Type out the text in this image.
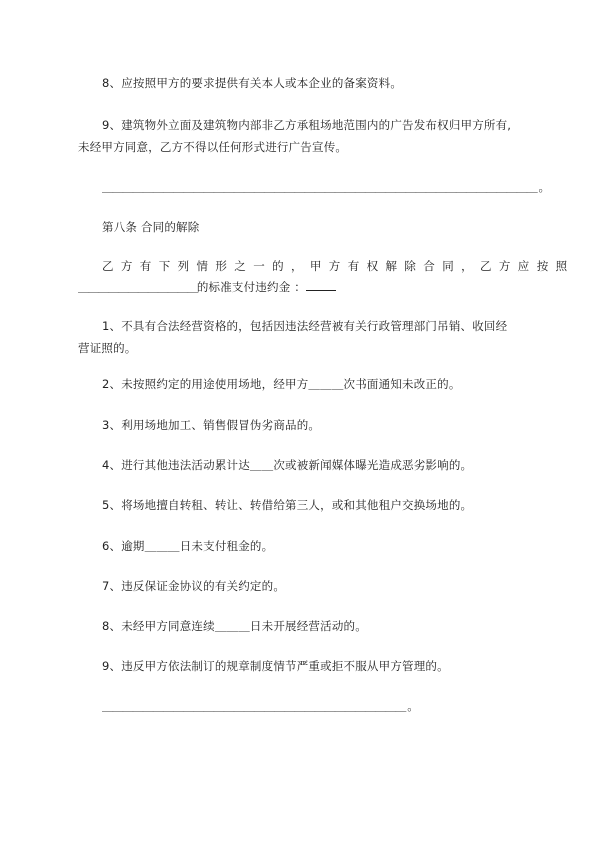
8、应按照甲方的要求提供有关本人或本企业的备案资料。
9、建筑物外立面及建筑物内部非乙方承租场地范围内的广告发布权归甲方所有,
未经甲方同意，乙方不得以任何形式进行广告宣传。
＿＿＿＿＿＿＿＿＿＿＿＿＿＿＿＿＿＿＿＿＿＿＿＿＿＿＿＿＿＿＿＿＿＿＿＿＿＿＿＿＿＿＿ 。
第八条 合同的解除
乙方有下列情形之一的，甲方有权解除合同，乙方应按照
＿＿＿＿＿＿＿＿＿＿＿＿的标准支付违约金 ：
1、不具有合法经营资格的，包括因违法经营被有关行政管理部门吊销、收回经
营证照的。
2、未按照约定的用途使用场地，经甲方＿＿＿次书面通知未改正的。
3、利用场地加工、销售假冒伪劣商品的。
4、进行其他违法活动累计达＿＿次或被新闻媒体曝光造成恶劣影响的。
5、将场地擅自转租、转让、转借给第三人，或和其他租户交换场地的。
6、逾期＿＿＿日未支付租金的。
7、违反保证金协议的有关约定的。
8、未经甲方同意连续＿＿＿日未开展经营活动的。
9、违反甲方依法制订的规章制度情节严重或拒不服从甲方管理的。
＿＿＿＿＿＿＿＿＿＿＿＿＿＿＿＿＿＿＿＿＿＿＿＿＿＿＿＿＿＿ 。
